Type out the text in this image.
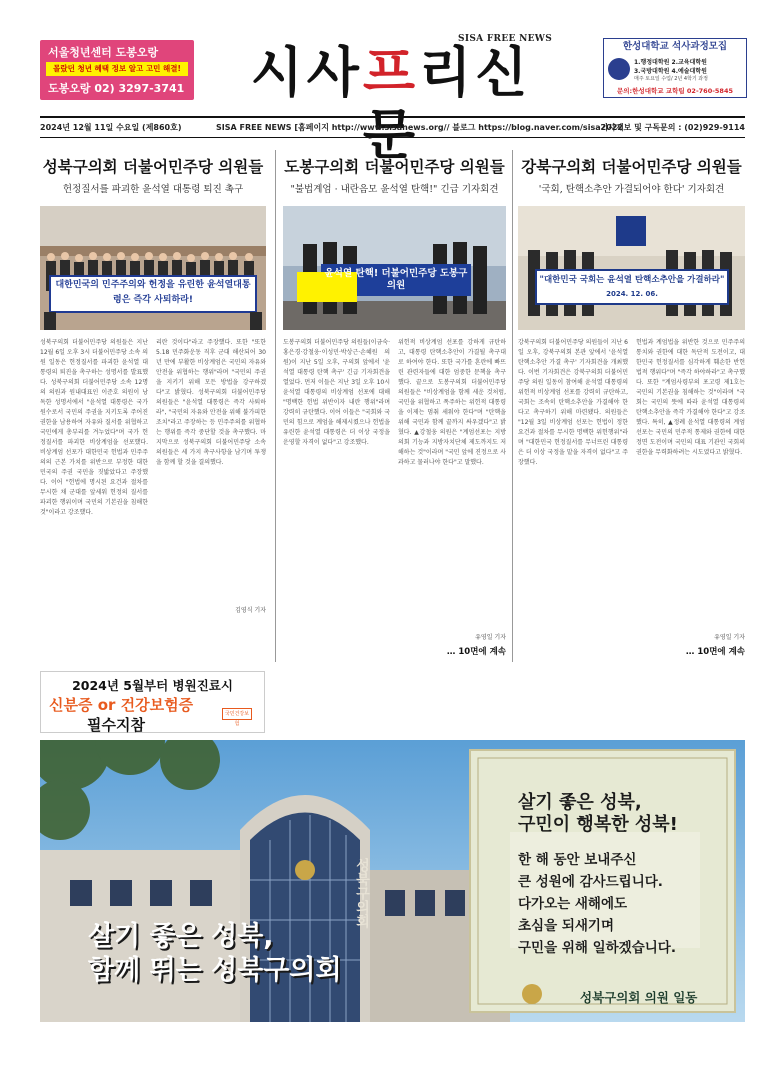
서울청년센터 도봉오랑
몰랐던 청년 혜택 정보 알고 고민 해결!
도봉오랑 02) 3297-3741
SISA FREE NEWS
시사프리신문
한성대학교 석사과정모집
1.행정대학원 2.교육대학원
3.국방대학원 4.예술대학원
매주 토요일 수업/ 2년 4학기 과정
문의:한성대학교 교학팀 02-760-5845
2024년 12월 11일 수요일 (제860호)	SISA FREE NEWS [홈페이지 http://www.sisanews.org// 블로그 https://blog.naver.com/sisa2022
기사제보 및 구독문의 : (02)929-9114
성북구의회 더불어민주당 의원들
헌정질서를 파괴한 윤석열 대통령 퇴진 촉구
대한민국의 민주주의와 헌정을 유린한 윤석열대통령은 즉각 사퇴하라!
성북구의회 더불어민주당 의원들은 지난 12월 6일 오후 3시 더불어민주당 소속 의원 일동은 헌정질서를 파괴한 윤석열 대통령의 퇴진을 촉구하는 성명서를 발표했다. 성북구의회 더불어민주당 소속 12명의 의원과 원내대표인 이준호 의원이 낭독한 성명서에서 "윤석열 대통령은 국가 원수로서 국민의 주권을 지키도록 주어진 권한을 남용하여 자유와 질서를 위협하고 국민에게 총부리를 겨누었다"며 국가 헌정질서를 파괴한 비상계엄을 선포했다. 비상계엄 선포가 대한민국 헌법과 민주주의의 근본 가치를 위반으로 부정한 대한민국의 주권 국민을 짓밟았다고 주장했다. 이어 "헌법에 명시된 요건과 절차를 무시한 채 군대를 앞세워 헌정의 질서를 파괴한 행위이며 국민의 기본권을 침해한 것"이라고 강조했다.
리란 것이다"라고 주장했다. 또한 "또한 5.18 민주화운동 직후 군대 해산되어 30년 만에 부활한 비상계엄은 국민의 자유와 안전을 위협하는 행위"라며 "국민의 주권을 지키기 위해 모든 방법을 강구하겠다"고 밝혔다. 성북구의회 더불어민주당 의원들은 "윤석열 대통령은 즉각 사퇴하라", "국민의 자유와 안전을 위해 불가피한 조치"라고 주장하는 등 민주주의를 위협하는 행위를 즉각 중단할 것을 촉구했다. 마지막으로 성북구의회 더불어민주당 소속 의원들은 세 가지 촉구사항을 남기며 투쟁을 함께 할 것을 결의했다.
김영식 기자
도봉구의회 더불어민주당 의원들
"불법계엄 · 내란음모 윤석열 탄핵!" 긴급 기자회견
윤석열 탄핵! 더불어민주당 도봉구의원
도봉구의회 더불어민주당 의원들(이금숙·홍은경·강철웅·이성민·박상근·손혜원 의원)이 지난 5일 오후, 구의회 앞에서 '윤석열 대통령 탄핵 촉구' 긴급 기자회견을 열었다. 먼저 이들은 지난 3일 오후 10시 윤석열 대통령의 비상계엄 선포에 대해 "명백한 헌법 위반이자 내란 행위"라며 강력히 규탄했다. 이어 이들은 "국회와 국민의 힘으로 계엄을 해제시켰으나 헌법을 유린한 윤석열 대통령은 더 이상 국정을 운영할 자격이 없다"고 강조했다.
위헌적 비상계엄 선포를 강하게 규탄하고, 대통령 탄핵소추안이 가결될 촉구대로 하여야 한다. 또한 국가를 혼란에 빠뜨린 관련자들에 대한 엄중한 문책을 촉구했다. 끝으로 도봉구의회 더불어민주당 의원들은 "비상계엄을 함께 세운 것처럼, 국민을 위협하고 폭주하는 위헌적 대통령을 이제는 멈춰 세워야 한다"며 "탄핵을 위해 국민과 함께 끝까지 싸우겠다"고 밝혔다. ▲강철웅 의원은 "계엄선포는 지방의회 기능과 지방자치단체 제도까지도 저해하는 것"이라며 "국민 앞에 진정으로 사과하고 물러나야 한다"고 말했다.
유영일 기자
… 10면에 계속
강북구의회 더불어민주당 의원들
'국회, 탄핵소추안 가결되어야 한다' 기자회견
"대한민국 국회는 윤석열 탄핵소추안을 가결하라"
2024. 12. 06.
강북구의회 더불어민주당 의원들이 지난 6일 오후, 강북구의회 본관 앞에서 '윤석열 탄핵소추안 가결 촉구' 기자회견을 개최했다. 이번 기자회견은 강북구의회 더불어민주당 의원 일동이 참여해 윤석열 대통령의 위헌적 비상계엄 선포를 강력히 규탄하고, 국회는 조속히 탄핵소추안을 가결해야 한다고 촉구하기 위해 마련됐다. 의원들은 "12월 3일 비상계엄 선포는 헌법이 정한 요건과 절차를 무시한 명백한 위헌행위"라며 "대한민국 헌정질서를 무너뜨린 대통령은 더 이상 국정을 맡을 자격이 없다"고 주장했다.
헌법과 계엄법을 위반한 것으로 민주주의 통치와 권한에 대한 독단적 도전이고, 대한민국 헌정질서를 심각하게 훼손한 반헌법적 행위다"며 "즉각 하야하라"고 촉구했다. 또한 "계엄사령부의 포고령 제1호는 국민의 기본권을 침해하는 것"이라며 "국회는 국민의 뜻에 따라 윤석열 대통령의 탄핵소추안을 즉각 가결해야 한다"고 강조했다. 특히, ▲정례 윤석열 대통령의 계엄선포는 국민의 민주적 통제와 권한에 대한 정면 도전이며 국민의 대표 기관인 국회의 권한을 무력화하려는 시도였다고 밝혔다.
유영일 기자
… 10면에 계속
2024년 5월부터 병원진료시
신분증 or 건강보험증
필수지참
국민건강보험
살기 좋은 성북,
구민이 행복한 성북!
한 해 동안 보내주신
큰 성원에 감사드립니다.
다가오는 새해에도
초심을 되새기며
구민을 위해 일하겠습니다.
성북구의회
살기 좋은 성북,
함께 뛰는 성북구의회
성북구의회 의원 일동
